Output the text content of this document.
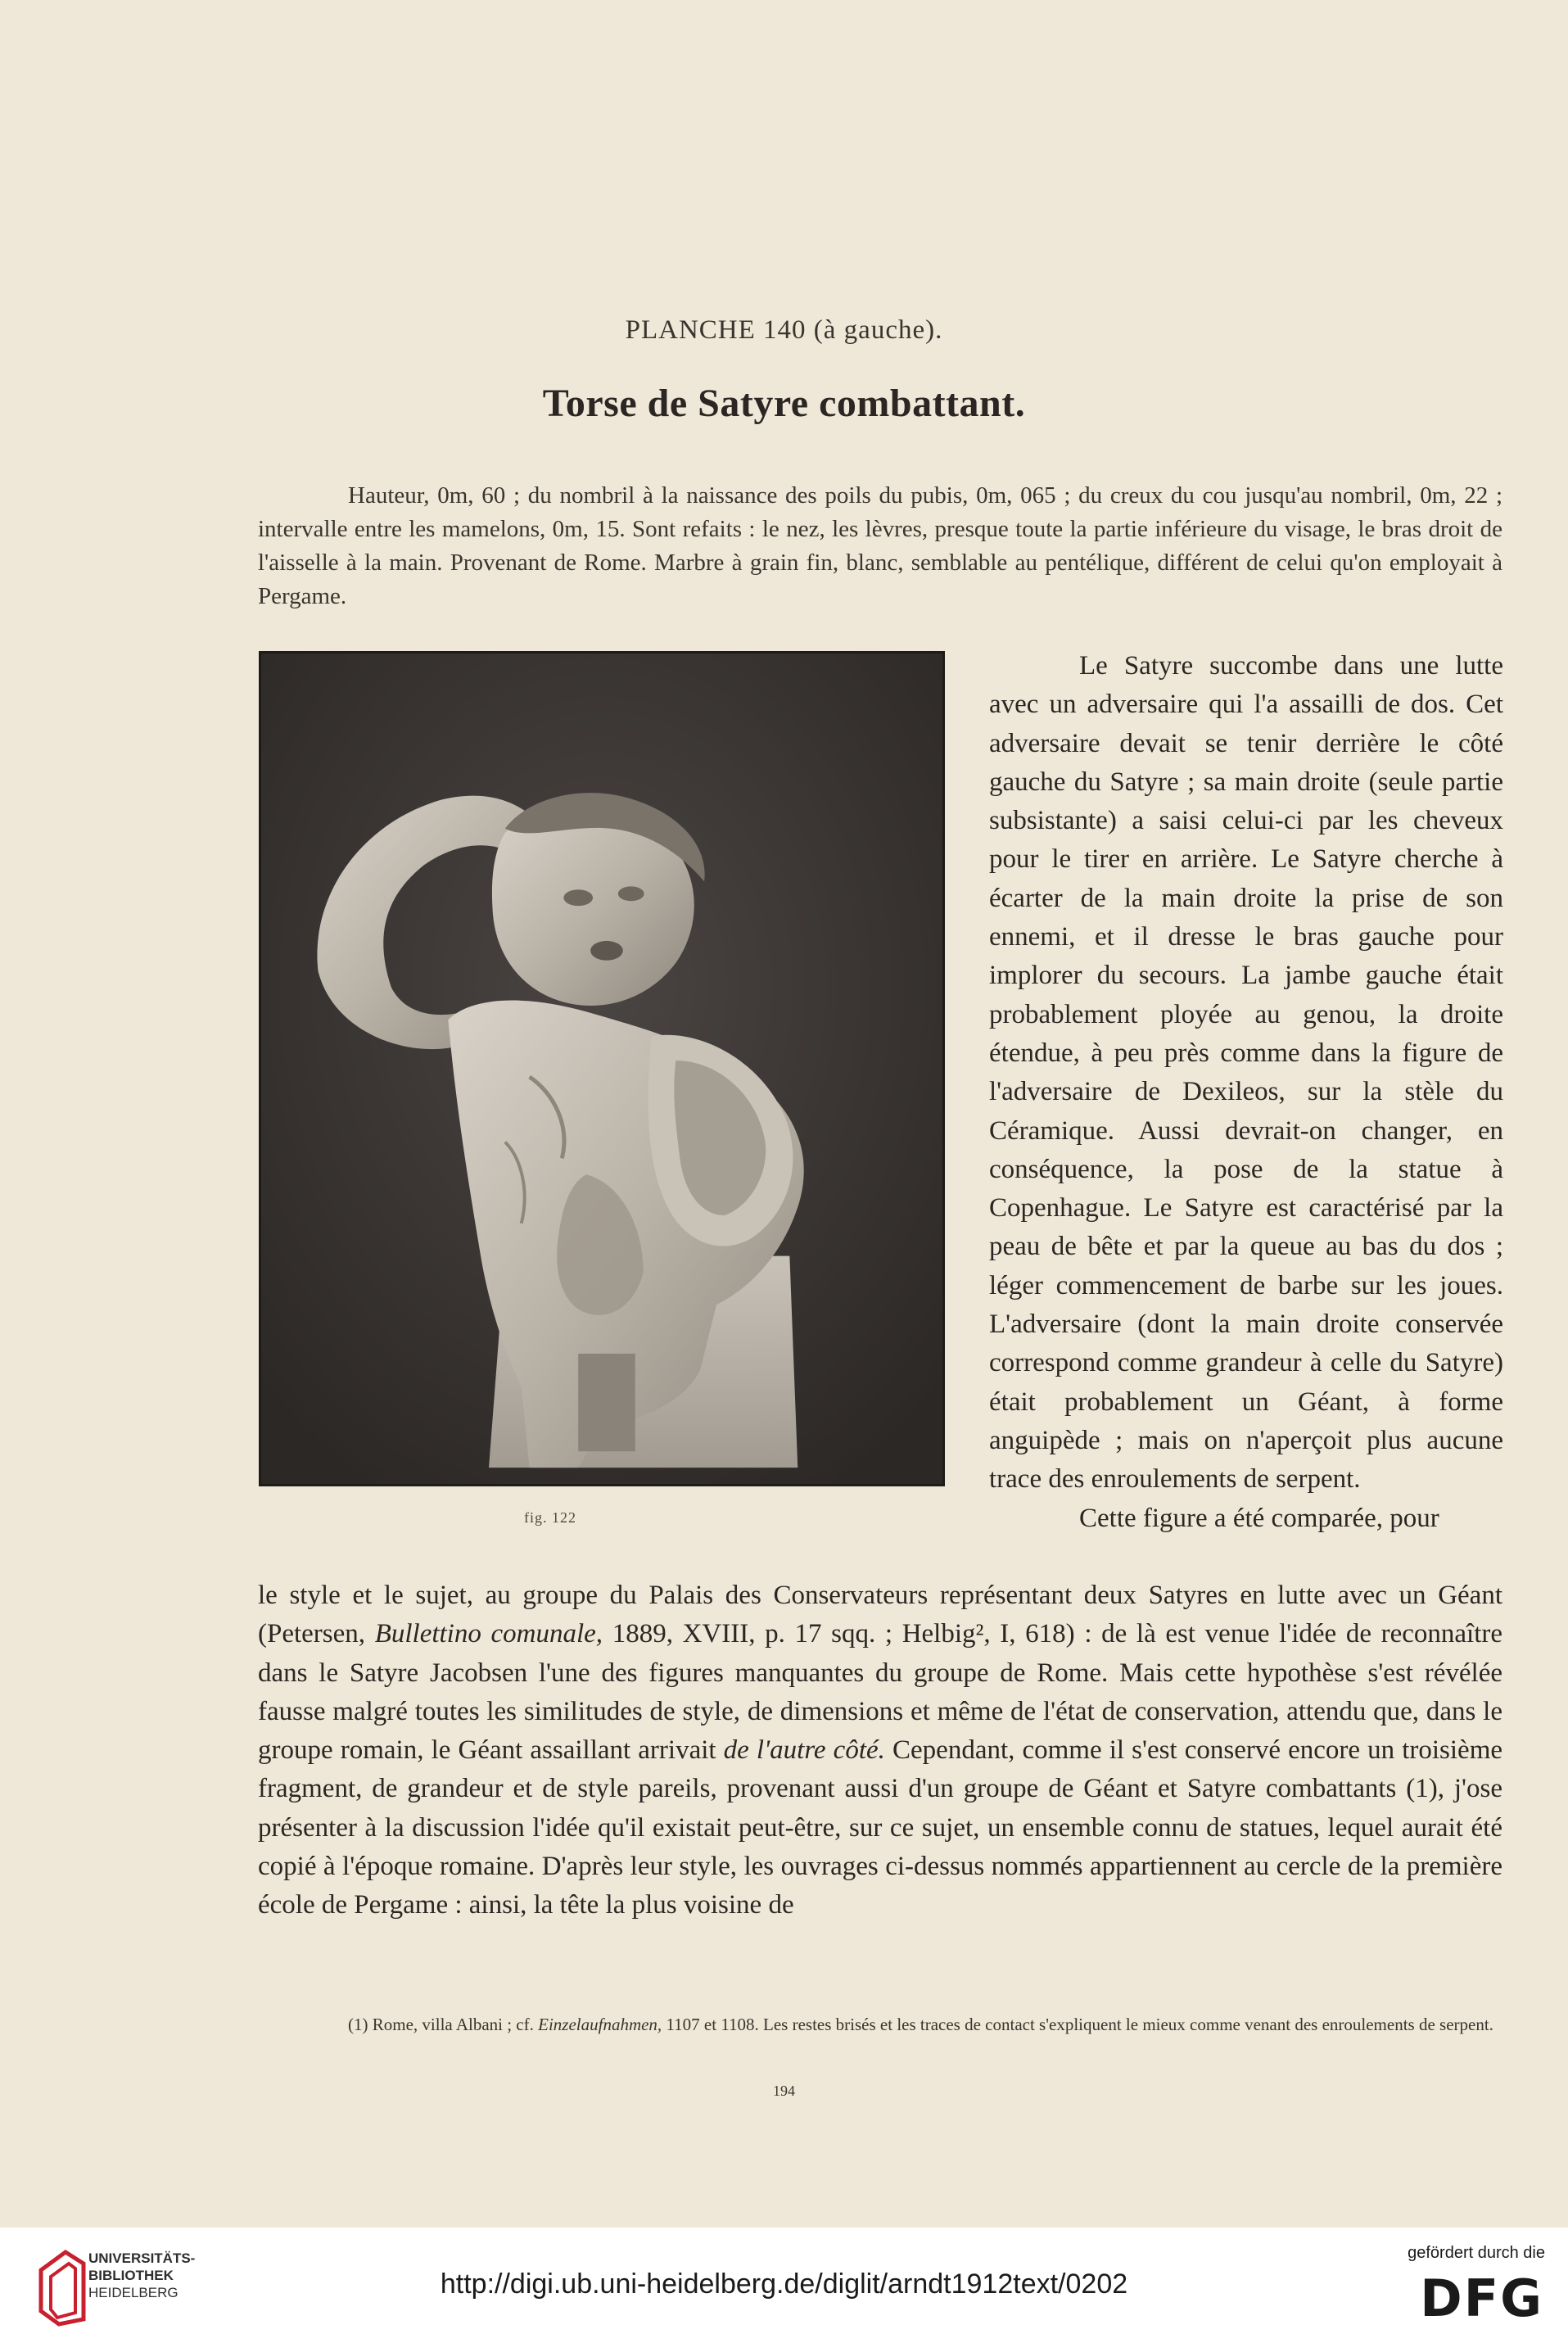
PLANCHE 140 (à gauche).
Torse de Satyre combattant.
Hauteur, 0m, 60 ; du nombril à la naissance des poils du pubis, 0m, 065 ; du creux du cou jusqu'au nombril, 0m, 22 ; intervalle entre les mamelons, 0m, 15. Sont refaits : le nez, les lèvres, presque toute la partie inférieure du visage, le bras droit de l'aisselle à la main. Provenant de Rome. Marbre à grain fin, blanc, semblable au pentélique, différent de celui qu'on employait à Pergame.
fig. 122

Le Satyre succombe dans une lutte avec un adversaire qui l'a assailli de dos. Cet adversaire devait se tenir derrière le côté gauche du Satyre ; sa main droite (seule partie subsistante) a saisi celui-ci par les cheveux pour le tirer en arrière. Le Satyre cherche à écarter de la main droite la prise de son ennemi, et il dresse le bras gauche pour implorer du secours. La jambe gauche était probablement ployée au genou, la droite étendue, à peu près comme dans la figure de l'adversaire de Dexileos, sur la stèle du Céramique. Aussi devrait-on changer, en conséquence, la pose de la statue à Copenhague. Le Satyre est caractérisé par la peau de bête et par la queue au bas du dos ; léger commencement de barbe sur les joues. L'adversaire (dont la main droite conservée correspond comme grandeur à celle du Satyre) était probablement un Géant, à forme anguipède ; mais on n'aperçoit plus aucune trace des enroulements de serpent.

Cette figure a été comparée, pour

le style et le sujet, au groupe du Palais des Conservateurs représentant deux Satyres en lutte avec un Géant (Petersen, Bullettino comunale, 1889, XVIII, p. 17 sqq. ; Helbig², I, 618) : de là est venue l'idée de reconnaître dans le Satyre Jacobsen l'une des figures manquantes du groupe de Rome. Mais cette hypothèse s'est révélée fausse malgré toutes les similitudes de style, de dimensions et même de l'état de conservation, attendu que, dans le groupe romain, le Géant assaillant arrivait de l'autre côté. Cependant, comme il s'est conservé encore un troisième fragment, de grandeur et de style pareils, provenant aussi d'un groupe de Géant et Satyre combattants (1), j'ose présenter à la discussion l'idée qu'il existait peut-être, sur ce sujet, un ensemble connu de statues, lequel aurait été copié à l'époque romaine. D'après leur style, les ouvrages ci-dessus nommés appartiennent au cercle de la première école de Pergame : ainsi, la tête la plus voisine de

(1) Rome, villa Albani ; cf. Einzelaufnahmen, 1107 et 1108. Les restes brisés et les traces de contact s'expliquent le mieux comme venant des enroulements de serpent.
194
UNIVERSITÄTS-
BIBLIOTHEK
HEIDELBERG	http://digi.ub.uni-heidelberg.de/diglit/arndt1912text/0202
gefördert durch die
DFG
